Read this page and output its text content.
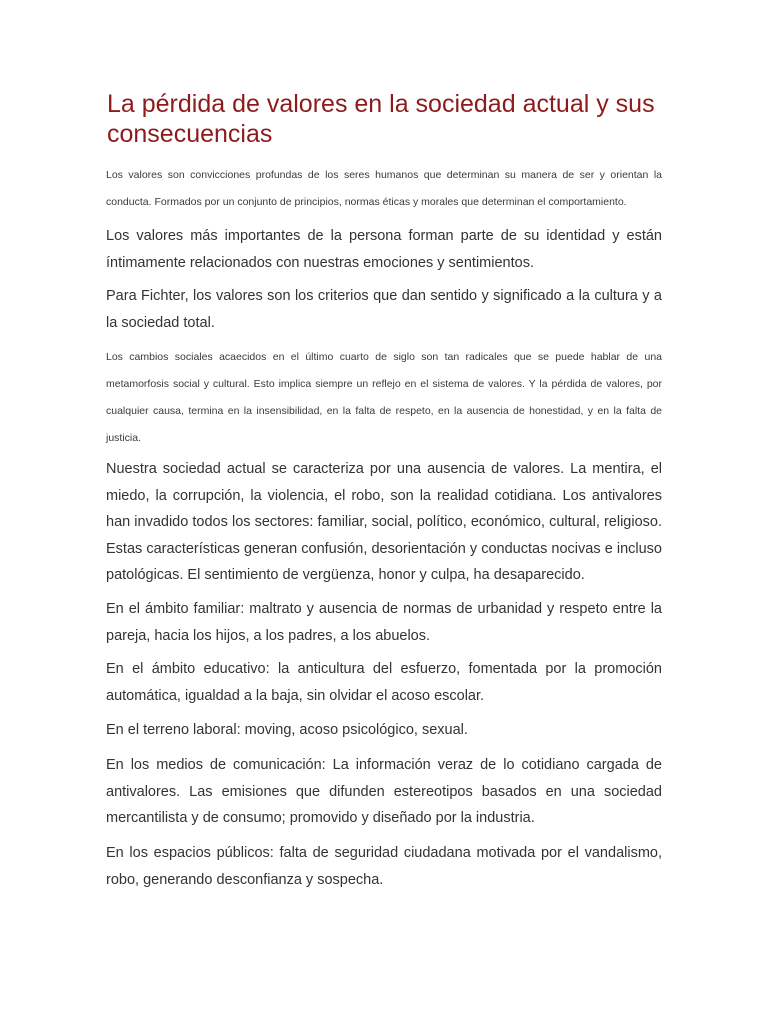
La pérdida de valores en la sociedad actual y sus consecuencias

Los valores son convicciones profundas de los seres humanos que determinan su manera de ser y orientan la conducta. Formados por un conjunto de principios, normas éticas y morales que determinan el comportamiento.

Los valores más importantes de la persona forman parte de su identidad y están íntimamente relacionados con nuestras emociones y sentimientos.

Para Fichter, los valores son los criterios que dan sentido y significado a la cultura y a la sociedad total.

Los cambios sociales acaecidos en el último cuarto de siglo son tan radicales que se puede hablar de una metamorfosis social y cultural. Esto implica siempre un reflejo en el sistema de valores. Y la pérdida de valores, por cualquier causa, termina en la insensibilidad, en la falta de respeto, en la ausencia de honestidad, y en la falta de justicia.

Nuestra sociedad actual se caracteriza por una ausencia de valores. La mentira, el miedo, la corrupción, la violencia, el robo, son la realidad cotidiana. Los antivalores han invadido todos los sectores: familiar, social, político, económico, cultural, religioso. Estas características generan confusión, desorientación y conductas nocivas e incluso patológicas. El sentimiento de vergüenza, honor y culpa, ha desaparecido.

En el ámbito familiar: maltrato y ausencia de normas de urbanidad y respeto entre la pareja, hacia los hijos, a los padres, a los abuelos.

En el ámbito educativo: la anticultura del esfuerzo, fomentada por la promoción automática, igualdad a la baja, sin olvidar el acoso escolar.

En el terreno laboral: moving, acoso psicológico, sexual.

En los medios de comunicación: La información veraz de lo cotidiano cargada de antivalores. Las emisiones que difunden estereotipos basados en una sociedad mercantilista y de consumo; promovido y diseñado por la industria.

En los espacios públicos: falta de seguridad ciudadana motivada por el vandalismo, robo, generando desconfianza y sospecha.
